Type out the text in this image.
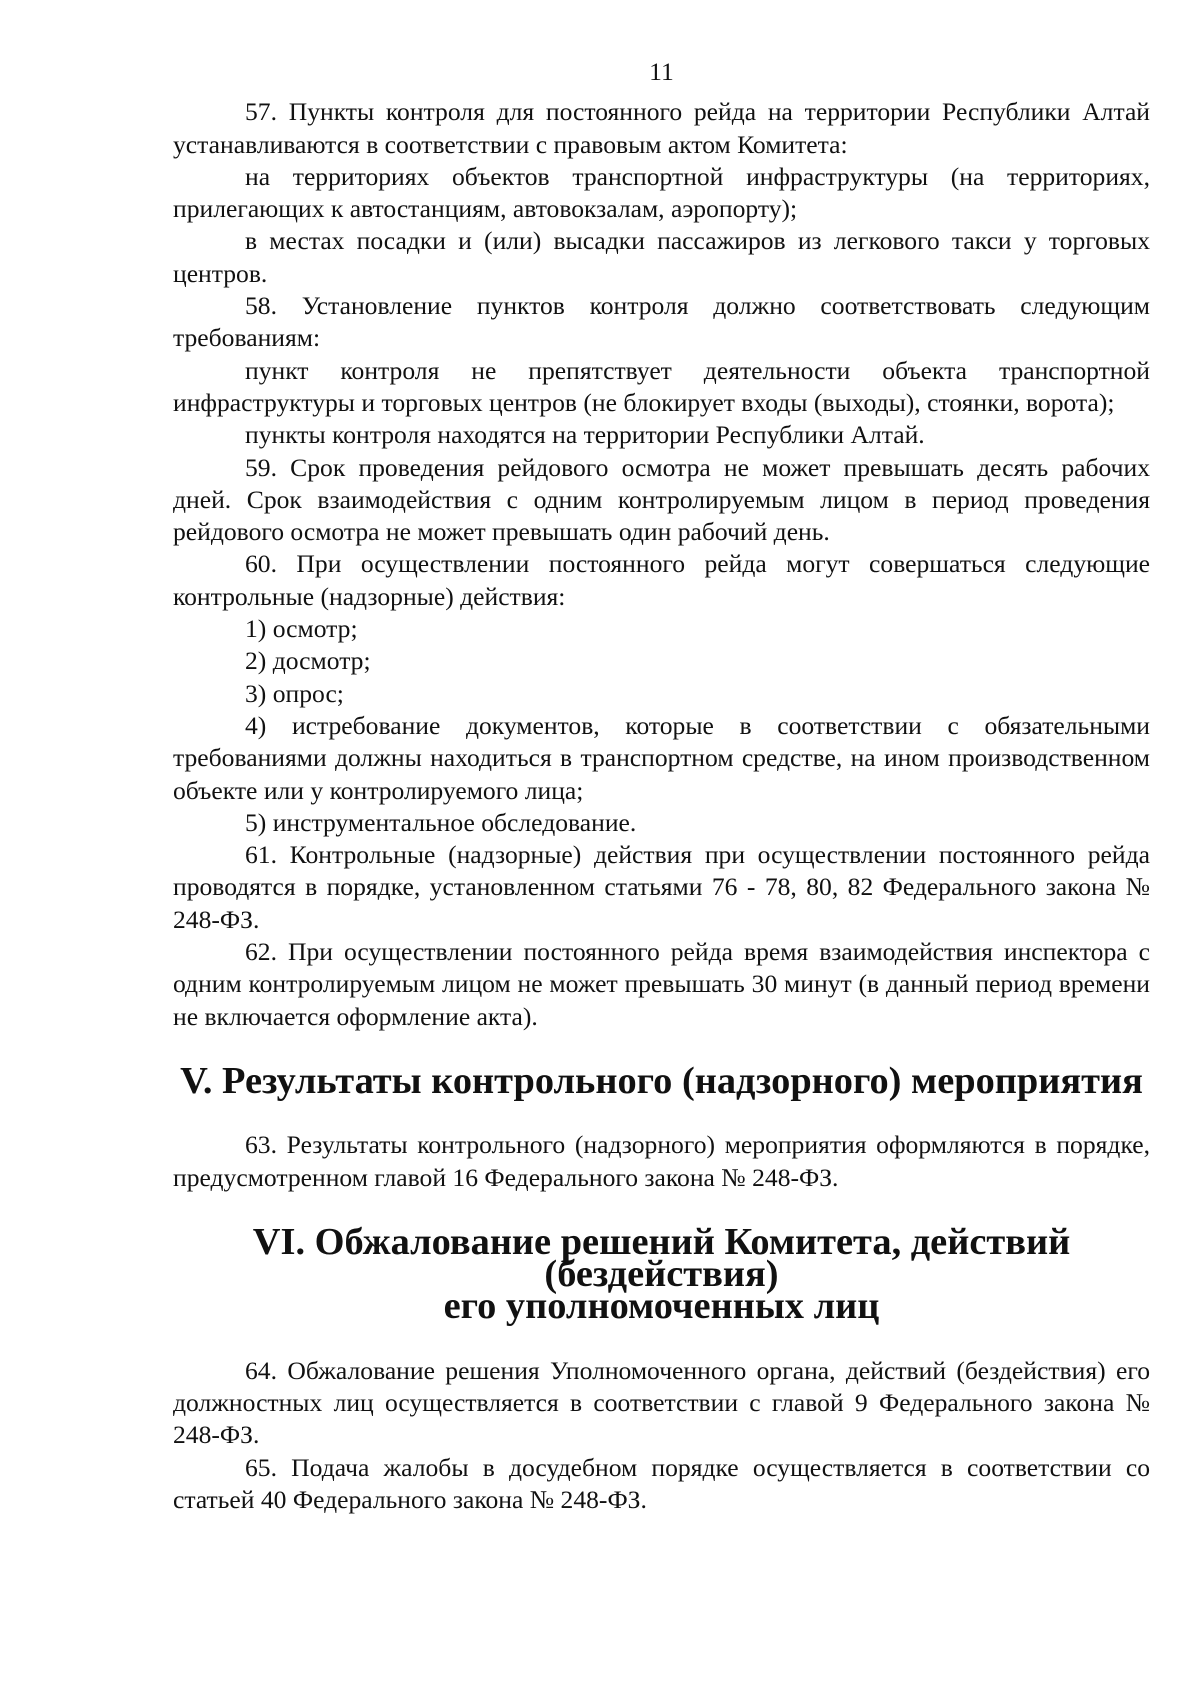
11

57. Пункты контроля для постоянного рейда на территории Республики Алтай устанавливаются в соответствии с правовым актом Комитета:

на территориях объектов транспортной инфраструктуры (на территориях, прилегающих к автостанциям, автовокзалам, аэропорту);

в местах посадки и (или) высадки пассажиров из легкового такси у торговых центров.

58. Установление пунктов контроля должно соответствовать следующим требованиям:

пункт контроля не препятствует деятельности объекта транспортной инфраструктуры и торговых центров (не блокирует входы (выходы), стоянки, ворота);

пункты контроля находятся на территории Республики Алтай.

59. Срок проведения рейдового осмотра не может превышать десять рабочих дней. Срок взаимодействия с одним контролируемым лицом в период проведения рейдового осмотра не может превышать один рабочий день.

60. При осуществлении постоянного рейда могут совершаться следующие контрольные (надзорные) действия:

1) осмотр;

2) досмотр;

3) опрос;

4) истребование документов, которые в соответствии с обязательными требованиями должны находиться в транспортном средстве, на ином производственном объекте или у контролируемого лица;

5) инструментальное обследование.

61. Контрольные (надзорные) действия при осуществлении постоянного рейда проводятся в порядке, установленном статьями 76 - 78, 80, 82 Федерального закона № 248-ФЗ.

62. При осуществлении постоянного рейда время взаимодействия инспектора с одним контролируемым лицом не может превышать 30 минут (в данный период времени не включается оформление акта).

V. Результаты контрольного (надзорного) мероприятия

63. Результаты контрольного (надзорного) мероприятия оформляются в порядке, предусмотренном главой 16 Федерального закона № 248-ФЗ.

VI. Обжалование решений Комитета, действий (бездействия)
его уполномоченных лиц

64. Обжалование решения Уполномоченного органа, действий (бездействия) его должностных лиц осуществляется в соответствии с главой 9 Федерального закона № 248-ФЗ.

65. Подача жалобы в досудебном порядке осуществляется в соответствии со статьей 40 Федерального закона № 248-ФЗ.
